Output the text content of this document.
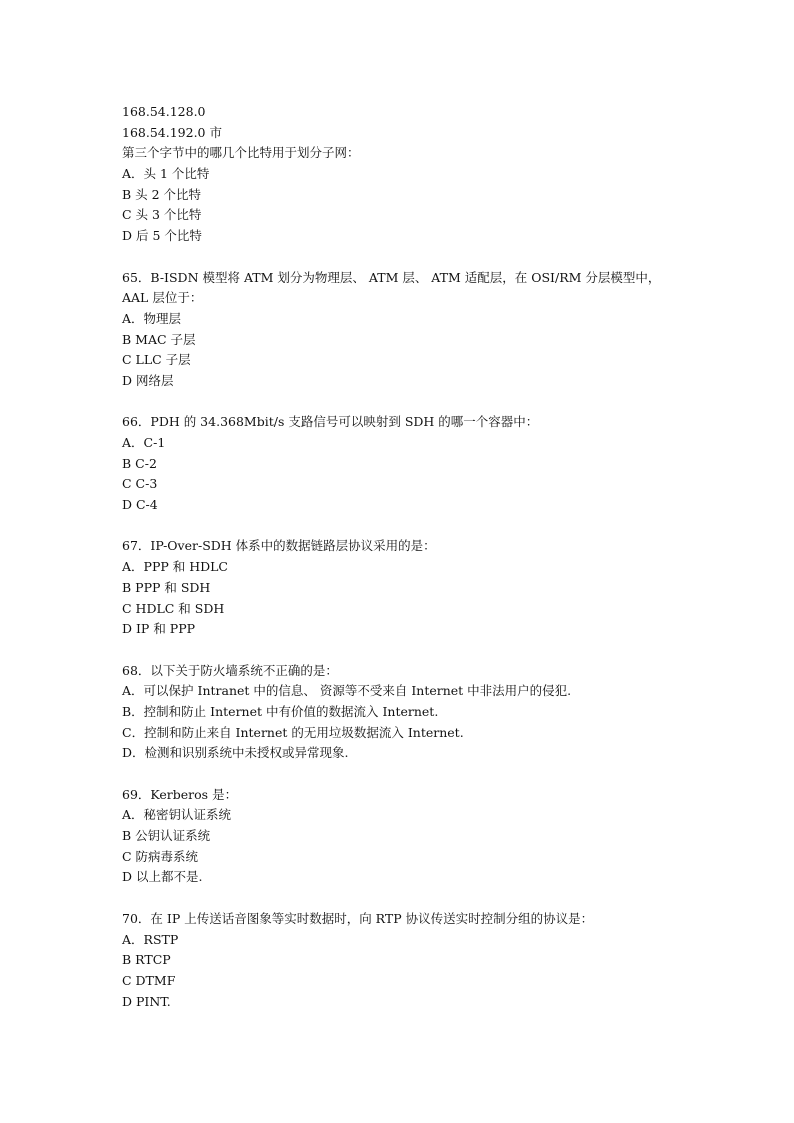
168.54.128.0
168.54.192.0 市
第三个字节中的哪几个比特用于划分子网：
A．头 1 个比特
B 头 2 个比特
C 头 3 个比特
D 后 5 个比特
65．B-ISDN 模型将 ATM 划分为物理层、 ATM 层、 ATM 适配层，在 OSI/RM 分层模型中，
AAL 层位于：
A．物理层
B MAC 子层
C LLC 子层
D 网络层
66．PDH 的 34.368Mbit/s 支路信号可以映射到 SDH 的哪一个容器中：
A．C-1
B C-2
C C-3
D C-4
67．IP-Over-SDH 体系中的数据链路层协议采用的是：
A．PPP 和 HDLC
B PPP 和 SDH
C HDLC 和 SDH
D IP 和 PPP
68．以下关于防火墙系统不正确的是：
A．可以保护 Intranet 中的信息、 资源等不受来自 Internet 中非法用户的侵犯.
B．控制和防止 Internet 中有价值的数据流入 Internet.
C．控制和防止来自 Internet 的无用垃圾数据流入 Internet.
D．检测和识别系统中未授权或异常现象.
69．Kerberos 是：
A．秘密钥认证系统
B 公钥认证系统
C 防病毒系统
D 以上都不是.
70．在 IP 上传送话音图象等实时数据时，向 RTP 协议传送实时控制分组的协议是：
A．RSTP
B RTCP
C DTMF
D PINT.
